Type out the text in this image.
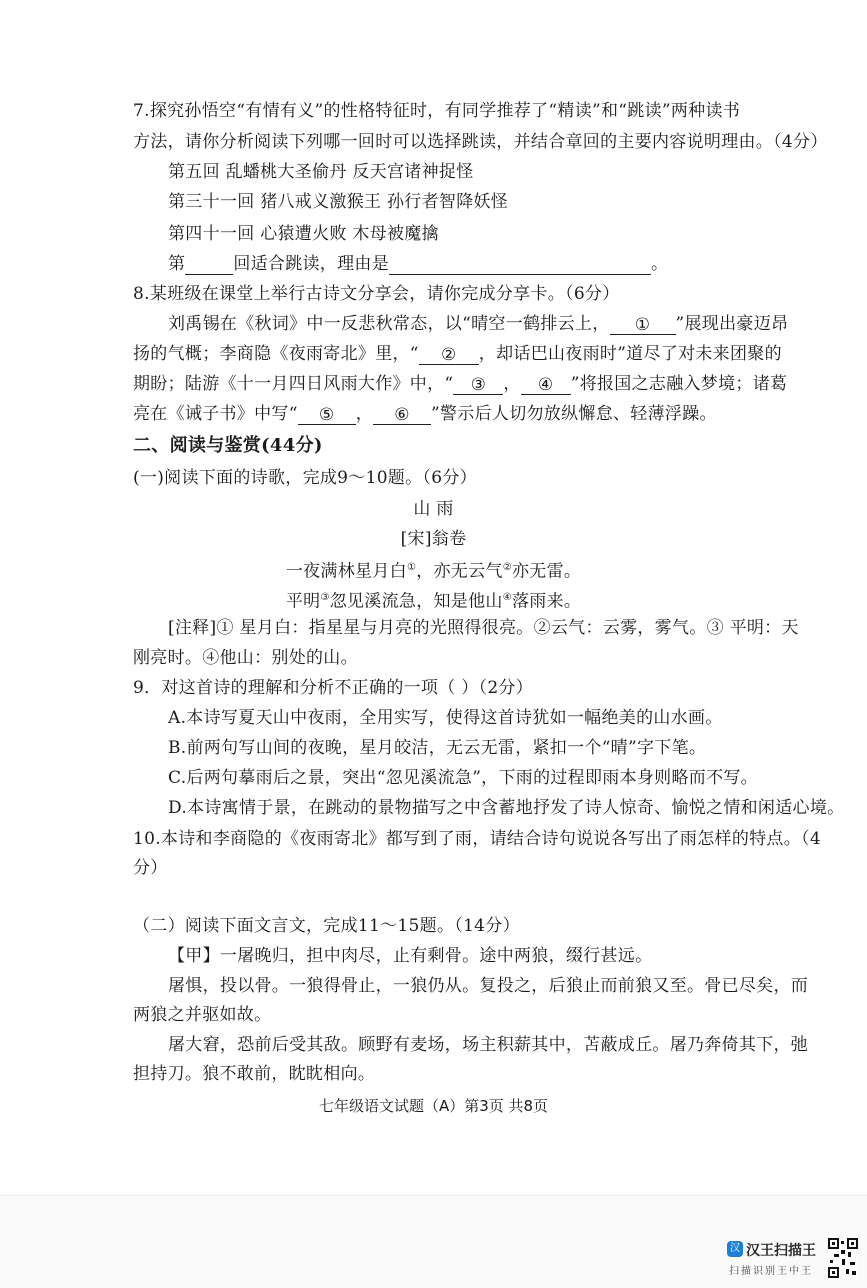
7.探究孙悟空“有情有义”的性格特征时，有同学推荐了“精读”和“跳读”两种读书
方法，请你分析阅读下列哪一回时可以选择跳读，并结合章回的主要内容说明理由。（4分）
第五回 乱蟠桃大圣偷丹 反天宫诸神捉怪
第三十一回 猪八戒义激猴王 孙行者智降妖怪
第四十一回 心猿遭火败 木母被魔擒
第	回适合跳读，理由是	。
8.某班级在课堂上举行古诗文分享会，请你完成分享卡。（6分）
刘禹锡在《秋词》中一反悲秋常态，以“晴空一鹤排云上， ① ”展现出豪迈昂
扬的气概；李商隐《夜雨寄北》里，“ ② ，却话巴山夜雨时”道尽了对未来团聚的
期盼；陆游《十一月四日风雨大作》中，“ ③ ， ④ ”将报国之志融入梦境；诸葛
亮在《诫子书》中写“ ⑤ ， ⑥ ”警示后人切勿放纵懈怠、轻薄浮躁。
二、阅读与鉴赏(44分)
(一)阅读下面的诗歌，完成9～10题。（6分）
山 雨
[宋]翁卷
一夜满林星月白①，亦无云气②亦无雷。
平明③忽见溪流急，知是他山④落雨来。
[注释]① 星月白：指星星与月亮的光照得很亮。②云气：云雾，雾气。③ 平明：天
刚亮时。④他山：别处的山。
9．对这首诗的理解和分析不正确的一项（ ）（2分）
A.本诗写夏天山中夜雨，全用实写，使得这首诗犹如一幅绝美的山水画。
B.前两句写山间的夜晚，星月皎洁，无云无雷，紧扣一个“晴”字下笔。
C.后两句摹雨后之景，突出“忽见溪流急”，下雨的过程即雨本身则略而不写。
D.本诗寓情于景，在跳动的景物描写之中含蓄地抒发了诗人惊奇、愉悦之情和闲适心境。
10.本诗和李商隐的《夜雨寄北》都写到了雨，请结合诗句说说各写出了雨怎样的特点。（4
分）
（二）阅读下面文言文，完成11～15题。（14分）
【甲】一屠晚归，担中肉尽，止有剩骨。途中两狼，缀行甚远。
屠惧，投以骨。一狼得骨止，一狼仍从。复投之，后狼止而前狼又至。骨已尽矣，而
两狼之并驱如故。
屠大窘，恐前后受其敌。顾野有麦场，场主积薪其中，苫蔽成丘。屠乃奔倚其下，弛
担持刀。狼不敢前，眈眈相向。
七年级语文试题（A）第3页 共8页
汉 汉王扫描王
扫描识别王中王
